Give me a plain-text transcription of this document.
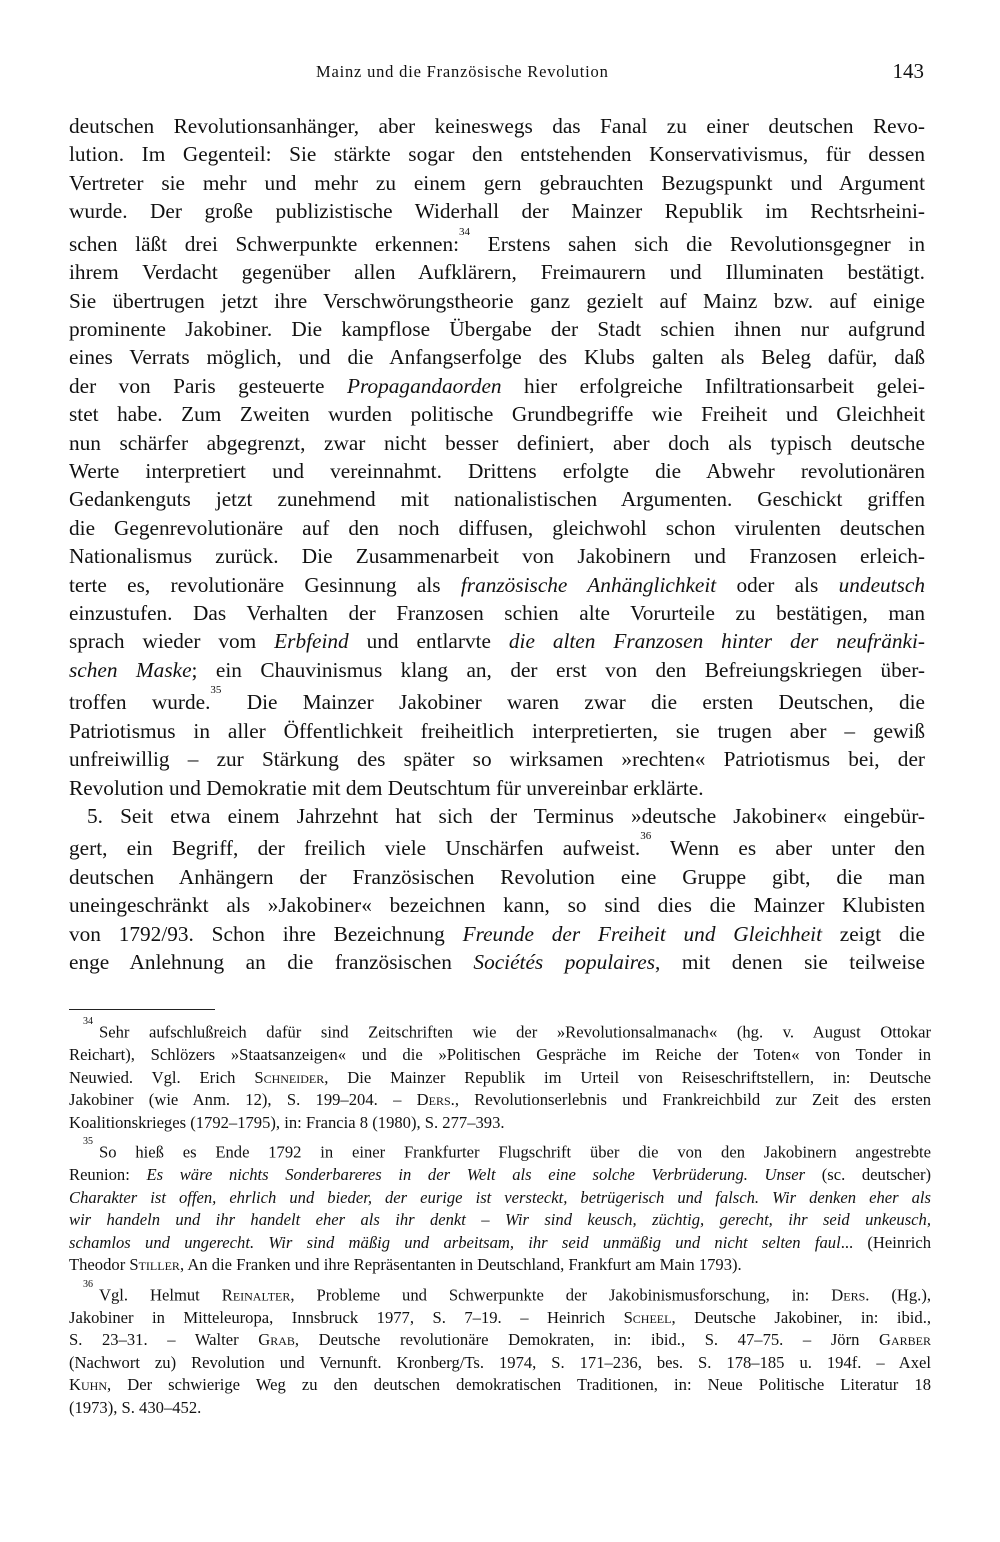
Mainz und die Französische Revolution	143
deutschen Revolutionsanhänger, aber keineswegs das Fanal zu einer deutschen Revo-
lution. Im Gegenteil: Sie stärkte sogar den entstehenden Konservativismus, für dessen
Vertreter sie mehr und mehr zu einem gern gebrauchten Bezugspunkt und Argument
wurde. Der große publizistische Widerhall der Mainzer Republik im Rechtsrheini-
schen läßt drei Schwerpunkte erkennen:$^{34}$ Erstens sahen sich die Revolutionsgegner in
ihrem Verdacht gegenüber allen Aufklärern, Freimaurern und Illuminaten bestätigt.
Sie übertrugen jetzt ihre Verschwörungstheorie ganz gezielt auf Mainz bzw. auf einige
prominente Jakobiner. Die kampflose Übergabe der Stadt schien ihnen nur aufgrund
eines Verrats möglich, und die Anfangserfolge des Klubs galten als Beleg dafür, daß
der von Paris gesteuerte Propagandaorden hier erfolgreiche Infiltrationsarbeit gelei-
stet habe. Zum Zweiten wurden politische Grundbegriffe wie Freiheit und Gleichheit
nun schärfer abgegrenzt, zwar nicht besser definiert, aber doch als typisch deutsche
Werte interpretiert und vereinnahmt. Drittens erfolgte die Abwehr revolutionären
Gedankenguts jetzt zunehmend mit nationalistischen Argumenten. Geschickt griffen
die Gegenrevolutionäre auf den noch diffusen, gleichwohl schon virulenten deutschen
Nationalismus zurück. Die Zusammenarbeit von Jakobinern und Franzosen erleich-
terte es, revolutionäre Gesinnung als französische Anhänglichkeit oder als undeutsch
einzustufen. Das Verhalten der Franzosen schien alte Vorurteile zu bestätigen, man
sprach wieder vom Erbfeind und entlarvte die alten Franzosen hinter der neufränki-
schen Maske; ein Chauvinismus klang an, der erst von den Befreiungskriegen über-
troffen wurde.$^{35}$ Die Mainzer Jakobiner waren zwar die ersten Deutschen, die
Patriotismus in aller Öffentlichkeit freiheitlich interpretierten, sie trugen aber – gewiß
unfreiwillig – zur Stärkung des später so wirksamen »rechten« Patriotismus bei, der
Revolution und Demokratie mit dem Deutschtum für unvereinbar erklärte.
5. Seit etwa einem Jahrzehnt hat sich der Terminus »deutsche Jakobiner« eingebür-
gert, ein Begriff, der freilich viele Unschärfen aufweist.$^{36}$ Wenn es aber unter den
deutschen Anhängern der Französischen Revolution eine Gruppe gibt, die man
uneingeschränkt als »Jakobiner« bezeichnen kann, so sind dies die Mainzer Klubisten
von 1792/93. Schon ihre Bezeichnung Freunde der Freiheit und Gleichheit zeigt die
enge Anlehnung an die französischen Sociétés populaires, mit denen sie teilweise
$^{34}$Sehr aufschlußreich dafür sind Zeitschriften wie der »Revolutionsalmanach« (hg. v. August Ottokar
Reichart), Schlözers »Staatsanzeigen« und die »Politischen Gespräche im Reiche der Toten« von Tonder in
Neuwied. Vgl. Erich Schneider, Die Mainzer Republik im Urteil von Reiseschriftstellern, in: Deutsche
Jakobiner (wie Anm. 12), S. 199–204. – Ders., Revolutionserlebnis und Frankreichbild zur Zeit des ersten
Koalitionskrieges (1792–1795), in: Francia 8 (1980), S. 277–393.
$^{35}$So hieß es Ende 1792 in einer Frankfurter Flugschrift über die von den Jakobinern angestrebte
Reunion: Es wäre nichts Sonderbareres in der Welt als eine solche Verbrüderung. Unser (sc. deutscher)
Charakter ist offen, ehrlich und bieder, der eurige ist versteckt, betrügerisch und falsch. Wir denken eher als
wir handeln und ihr handelt eher als ihr denkt – Wir sind keusch, züchtig, gerecht, ihr seid unkeusch,
schamlos und ungerecht. Wir sind mäßig und arbeitsam, ihr seid unmäßig und nicht selten faul... (Heinrich
Theodor Stiller, An die Franken und ihre Repräsentanten in Deutschland, Frankfurt am Main 1793).
$^{36}$Vgl. Helmut Reinalter, Probleme und Schwerpunkte der Jakobinismusforschung, in: Ders. (Hg.),
Jakobiner in Mitteleuropa, Innsbruck 1977, S. 7–19. – Heinrich Scheel, Deutsche Jakobiner, in: ibid.,
S. 23–31. – Walter Grab, Deutsche revolutionäre Demokraten, in: ibid., S. 47–75. – Jörn Garber
(Nachwort zu) Revolution und Vernunft. Kronberg/Ts. 1974, S. 171–236, bes. S. 178–185 u. 194f. – Axel
Kuhn, Der schwierige Weg zu den deutschen demokratischen Traditionen, in: Neue Politische Literatur 18
(1973), S. 430–452.
